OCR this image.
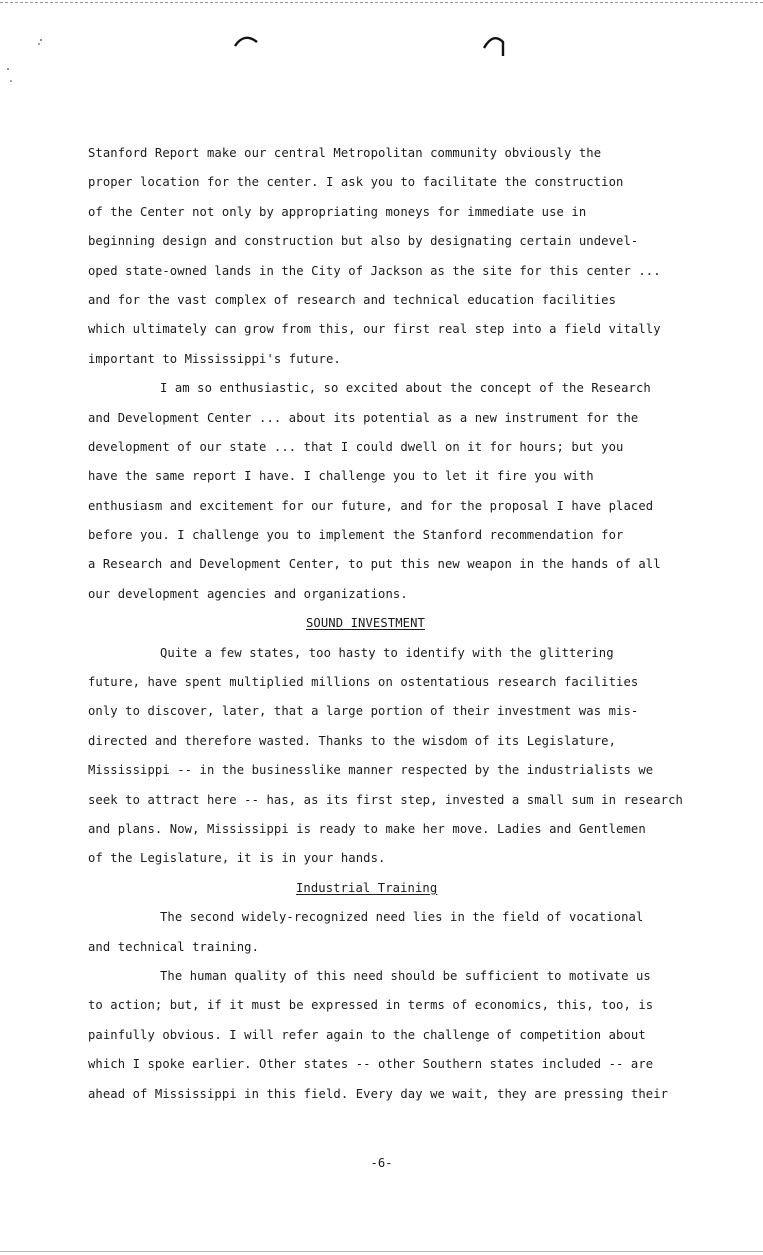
Stanford Report make our central Metropolitan community obviously the
proper location for the center. I ask you to facilitate the construction
of the Center not only by appropriating moneys for immediate use in
beginning design and construction but also by designating certain undevel-
oped state-owned lands in the City of Jackson as the site for this center ...
and for the vast complex of research and technical education facilities
which ultimately can grow from this, our first real step into a field vitally
important to Mississippi's future.
I am so enthusiastic, so excited about the concept of the Research
and Development Center ... about its potential as a new instrument for the
development of our state ... that I could dwell on it for hours; but you
have the same report I have. I challenge you to let it fire you with
enthusiasm and excitement for our future, and for the proposal I have placed
before you. I challenge you to implement the Stanford recommendation for
a Research and Development Center, to put this new weapon in the hands of all
our development agencies and organizations.
SOUND INVESTMENT
Quite a few states, too hasty to identify with the glittering
future, have spent multiplied millions on ostentatious research facilities
only to discover, later, that a large portion of their investment was mis-
directed and therefore wasted. Thanks to the wisdom of its Legislature,
Mississippi -- in the businesslike manner respected by the industrialists we
seek to attract here -- has, as its first step, invested a small sum in research
and plans. Now, Mississippi is ready to make her move. Ladies and Gentlemen
of the Legislature, it is in your hands.
Industrial Training
The second widely-recognized need lies in the field of vocational
and technical training.
The human quality of this need should be sufficient to motivate us
to action; but, if it must be expressed in terms of economics, this, too, is
painfully obvious. I will refer again to the challenge of competition about
which I spoke earlier. Other states -- other Southern states included -- are
ahead of Mississippi in this field. Every day we wait, they are pressing their
-6-
